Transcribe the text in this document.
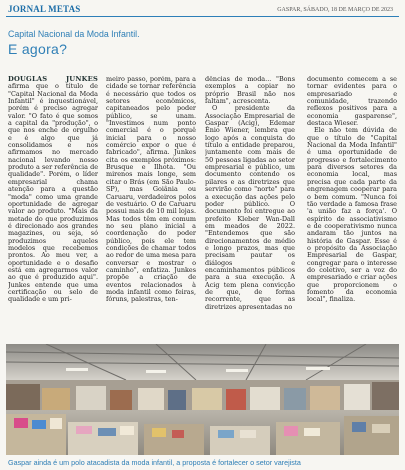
JORNAL METAS	GASPAR, SÁBADO, 18 DE MARÇO DE 2023
Capital Nacional da Moda Infantil.
E agora?

DOUGLAS JUNKES afirma que o título de "Capital Nacional da Moda Infantil" é inquestionável, porém é preciso agregar valor. "O fato é que somos a capital da "produção", o que nos enche de orgulho e é algo que já consolidamos e nos afirmamos no mercado nacional levando nosso produto a ser referência de qualidade". Porém, o líder empresarial chama atenção para a questão "moda" como uma grande oportunidade de agregar valor ao produto. "Mais da metade do que produzimos é direcionado aos grandes magazines, ou seja, só produzimos aqueles modelos que recebemos prontos. Ao meu ver, a oportunidade e o desafio está em agregarmos valor ao que é produzido aqui". Junkes entende que uma certificação ou selo de qualidade e um pri-

meiro passo, porém, para a cidade se tornar referência é necessário que todos os setores econômicos, capitaneados pelo poder público, se unam. "Investimos num ponto comercial é o porquê inicial para o nosso comércio expor o que é fabricado", afirma. Junkes cita os exemplos próximos: Brusque e Ilhota. "Ou mirenos mais longe, sem citar o Brás (em São Paulo-SP), mas Goiânia ou Caruaru, verdadeiros polos de vestuário. O de Caruaru possui mais de 10 mil lojas. Mas todos têm em comum no seu plano inicial a coordenação do poder público, pois ele tem condições de chamar todos ao redor de uma mesa para conversar e mostrar o caminho", enfatiza. Junkes propõe a criação de eventos relacionados à moda infantil como feiras, fóruns, palestras, ten-

dências de moda... "Bons exemplos a copiar no próprio Brasil não nos faltam", acrescenta.

O presidente da Associação Empresarial de Gaspar (Acig), Edemar Ênio Wiener, lembra que logo após a conquista do título a entidade preparou, juntamente com mais de 50 pessoas ligadas ao setor empresarial e público, um documento contendo os pilares e as diretrizes que servirão como "norte" para a execução das ações pelo poder público. O documento foi entregue ao prefeito Kleber Wan-Dall em meados de 2022. "Entendemos que são direcionamentos de médio e longo prazos, mas que precisam pautar os diálogos e encaminhamentos públicos para a sua execução. A Acig tem plena convicção de que, de forma recorrente, que as diretrizes apresentadas no

documento comecem a se tornar evidentes para o empresariado e comunidade, trazendo reflexos positivos para a economia gasparense", destaca Wieser.

Ele não tem dúvida de que o título de "Capital Nacional da Moda Infantil" é uma oportunidade de progresso e fortalecimento para diversos setores da economia local, mas precisa que cada parte da engrenagem cooperar para o bem comum. "Nunca foi tão verdade a famosa frase 'a união faz a força'. O espírito de associativismo e de cooperativismo nunca andaram tão juntos na história de Gaspar. Esse é o propósito da Associação Empresarial de Gaspar, congregar para o interesse do coletivo, ser a voz do empresariado e criar ações que proporcionem o fomento da economia local", finaliza.

Gaspar ainda é um polo atacadista da moda infantil, a proposta é fortalecer o setor varejista
